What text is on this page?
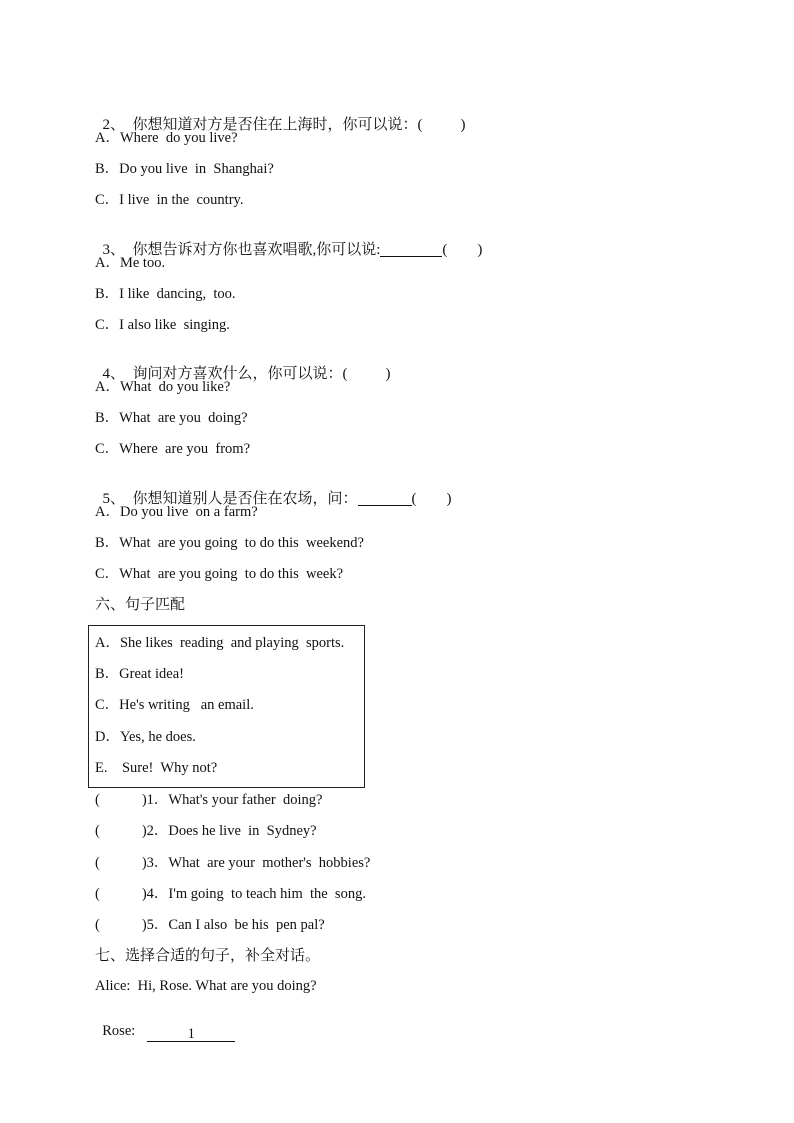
2、  你想知道对方是否住在上海时，你可以说：(	)

A．Where  do you live?
B．Do you live  in  Shanghai?
C．I live  in the  country.

3、  你想告诉对方你也喜欢唱歌,你可以说:	(        )

A．Me too.
B．I like  dancing,  too.
C．I also like  singing.

4、  询问对方喜欢什么，你可以说：(	)

A．What  do you like?
B．What  are you  doing?
C．Where  are you  from?

5、  你想知道别人是否住在农场，问：	(        )

A．Do you live  on a farm?
B．What  are you going  to do this  weekend?
C．What  are you going  to do this  week?
六、句子匹配
A．She likes  reading  and playing  sports.
B．Great idea!
C．He's writing   an email.
D．Yes, he does.
E.    Sure!  Why not?
(	)1．What's your father  doing?
(	)2．Does he live  in  Sydney?
(	)3．What  are your  mother's  hobbies?
(	)4．I'm going  to teach him  the  song.
(	)5．Can I also  be his  pen pal?
七、选择合适的句子，补全对话。
Alice:  Hi, Rose. What are you doing?

Rose:	1
